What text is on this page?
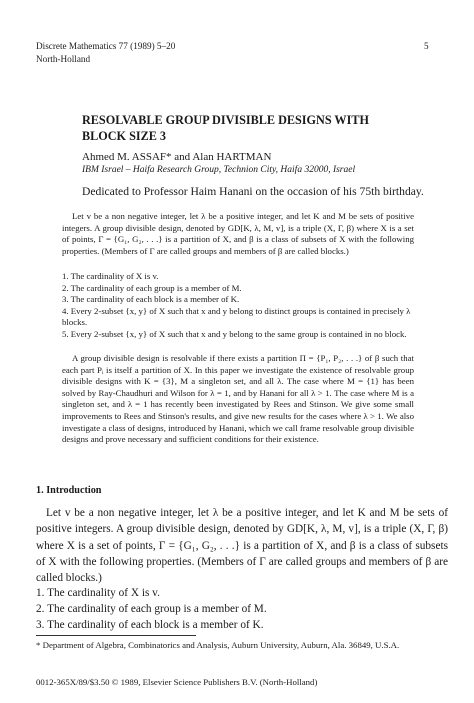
Discrete Mathematics 77 (1989) 5–20
North-Holland
5
RESOLVABLE GROUP DIVISIBLE DESIGNS WITH
BLOCK SIZE 3
Ahmed M. ASSAF* and Alan HARTMAN
IBM Israel – Haifa Research Group, Technion City, Haifa 32000, Israel
Dedicated to Professor Haim Hanani on the occasion of his 75th birthday.

Let v be a non negative integer, let λ be a positive integer, and let K and M be sets of positive integers. A group divisible design, denoted by GD[K, λ, M, v], is a triple (X, Γ, β) where X is a set of points, Γ = {G₁, G₂, . . .} is a partition of X, and β is a class of subsets of X with the following properties. (Members of Γ are called groups and members of β are called blocks.)

1. The cardinality of X is v.
2. The cardinality of each group is a member of M.
3. The cardinality of each block is a member of K.
4. Every 2-subset {x, y} of X such that x and y belong to distinct groups is contained in precisely λ blocks.
5. Every 2-subset {x, y} of X such that x and y belong to the same group is contained in no block.

A group divisible design is resolvable if there exists a partition Π = {P₁, P₂, . . .} of β such that each part Pᵢ is itself a partition of X. In this paper we investigate the existence of resolvable group divisible designs with K = {3}, M a singleton set, and all λ. The case where M = {1} has been solved by Ray-Chaudhuri and Wilson for λ = 1, and by Hanani for all λ > 1. The case where M is a singleton set, and λ = 1 has recently been investigated by Rees and Stinson. We give some small improvements to Rees and Stinson's results, and give new results for the cases where λ > 1. We also investigate a class of designs, introduced by Hanani, which we call frame resolvable group divisible designs and prove necessary and sufficient conditions for their existence.

1. Introduction

Let v be a non negative integer, let λ be a positive integer, and let K and M be sets of positive integers. A group divisible design, denoted by GD[K, λ, M, v], is a triple (X, Γ, β) where X is a set of points, Γ = {G₁, G₂, . . .} is a partition of X, and β is a class of subsets of X with the following properties. (Members of Γ are called groups and members of β are called blocks.)

1. The cardinality of X is v.
2. The cardinality of each group is a member of M.
3. The cardinality of each block is a member of K.
* Department of Algebra, Combinatorics and Analysis, Auburn University, Auburn, Ala. 36849, U.S.A.
0012-365X/89/$3.50 © 1989, Elsevier Science Publishers B.V. (North-Holland)
